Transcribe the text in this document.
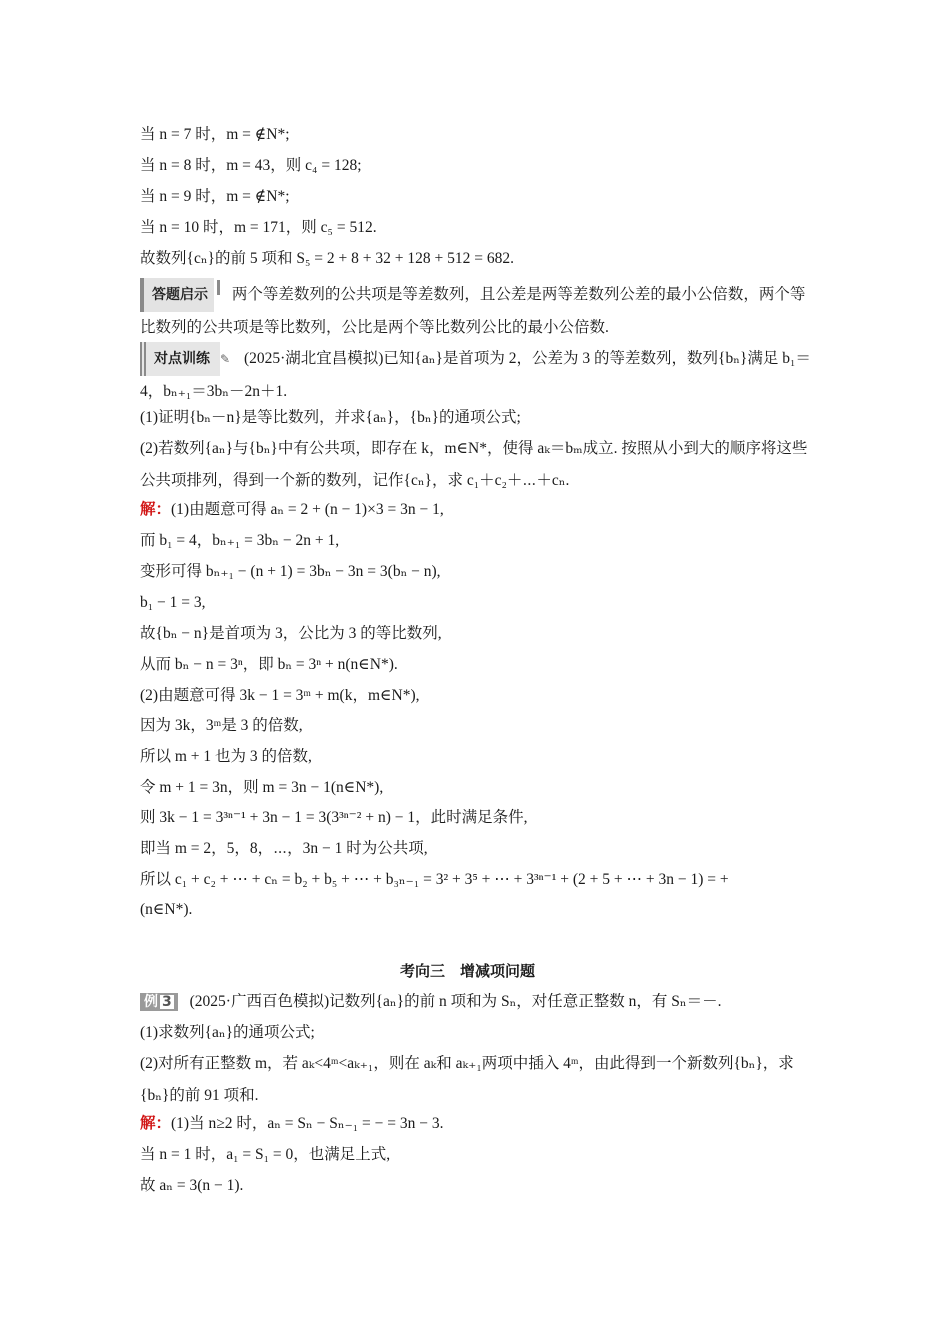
当 n = 7 时，m = ∉N*;
当 n = 8 时，m = 43，则 c₄ = 128;
当 n = 9 时，m = ∉N*;
当 n = 10 时，m = 171，则 c₅ = 512.
故数列{cₙ}的前 5 项和 S₅ = 2 + 8 + 32 + 128 + 512 = 682.
答题启示 两个等差数列的公共项是等差数列，且公差是两等差数列公差的最小公倍数，两个等比数列的公共项是等比数列，公比是两个等比数列公比的最小公倍数.
对点训练 ✎ (2025·湖北宜昌模拟)已知{aₙ}是首项为 2，公差为 3 的等差数列，数列{bₙ}满足 b₁＝4，bₙ₊₁＝3bₙ－2n＋1.
(1)证明{bₙ－n}是等比数列，并求{aₙ}，{bₙ}的通项公式;
(2)若数列{aₙ}与{bₙ}中有公共项，即存在 k，m∈N*，使得 aₖ＝bₘ成立. 按照从小到大的顺序将这些公共项排列，得到一个新的数列，记作{cₙ}，求 c₁＋c₂＋⋯＋cₙ.
解：(1)由题意可得 aₙ = 2 + (n − 1)×3 = 3n − 1,
而 b₁ = 4，bₙ₊₁ = 3bₙ − 2n + 1,
变形可得 bₙ₊₁ − (n + 1) = 3bₙ − 3n = 3(bₙ − n),
b₁ − 1 = 3,
故{bₙ − n}是首项为 3，公比为 3 的等比数列,
从而 bₙ − n = 3ⁿ，即 bₙ = 3ⁿ + n(n∈N*).
(2)由题意可得 3k − 1 = 3ᵐ + m(k，m∈N*),
因为 3k，3ᵐ是 3 的倍数,
所以 m + 1 也为 3 的倍数,
令 m + 1 = 3n，则 m = 3n − 1(n∈N*),
则 3k − 1 = 3³ⁿ⁻¹ + 3n − 1 = 3(3³ⁿ⁻² + n) − 1，此时满足条件,
即当 m = 2，5，8，⋯，3n − 1 时为公共项,
所以 c₁ + c₂ + ⋯ + cₙ = b₂ + b₅ + ⋯ + b₃ₙ₋₁ = 3² + 3⁵ + ⋯ + 3³ⁿ⁻¹ + (2 + 5 + ⋯ + 3n − 1) = +
(n∈N*).
考向三　增减项问题
例 3 (2025·广西百色模拟)记数列{aₙ}的前 n 项和为 Sₙ，对任意正整数 n，有 Sₙ＝－.
(1)求数列{aₙ}的通项公式;
(2)对所有正整数 m，若 aₖ<4ᵐ<aₖ₊₁，则在 aₖ和 aₖ₊₁两项中插入 4ᵐ，由此得到一个新数列{bₙ}，求{bₙ}的前 91 项和.
解：(1)当 n≥2 时，aₙ = Sₙ − Sₙ₋₁ = − = 3n − 3.
当 n = 1 时，a₁ = S₁ = 0，也满足上式,
故 aₙ = 3(n − 1).
